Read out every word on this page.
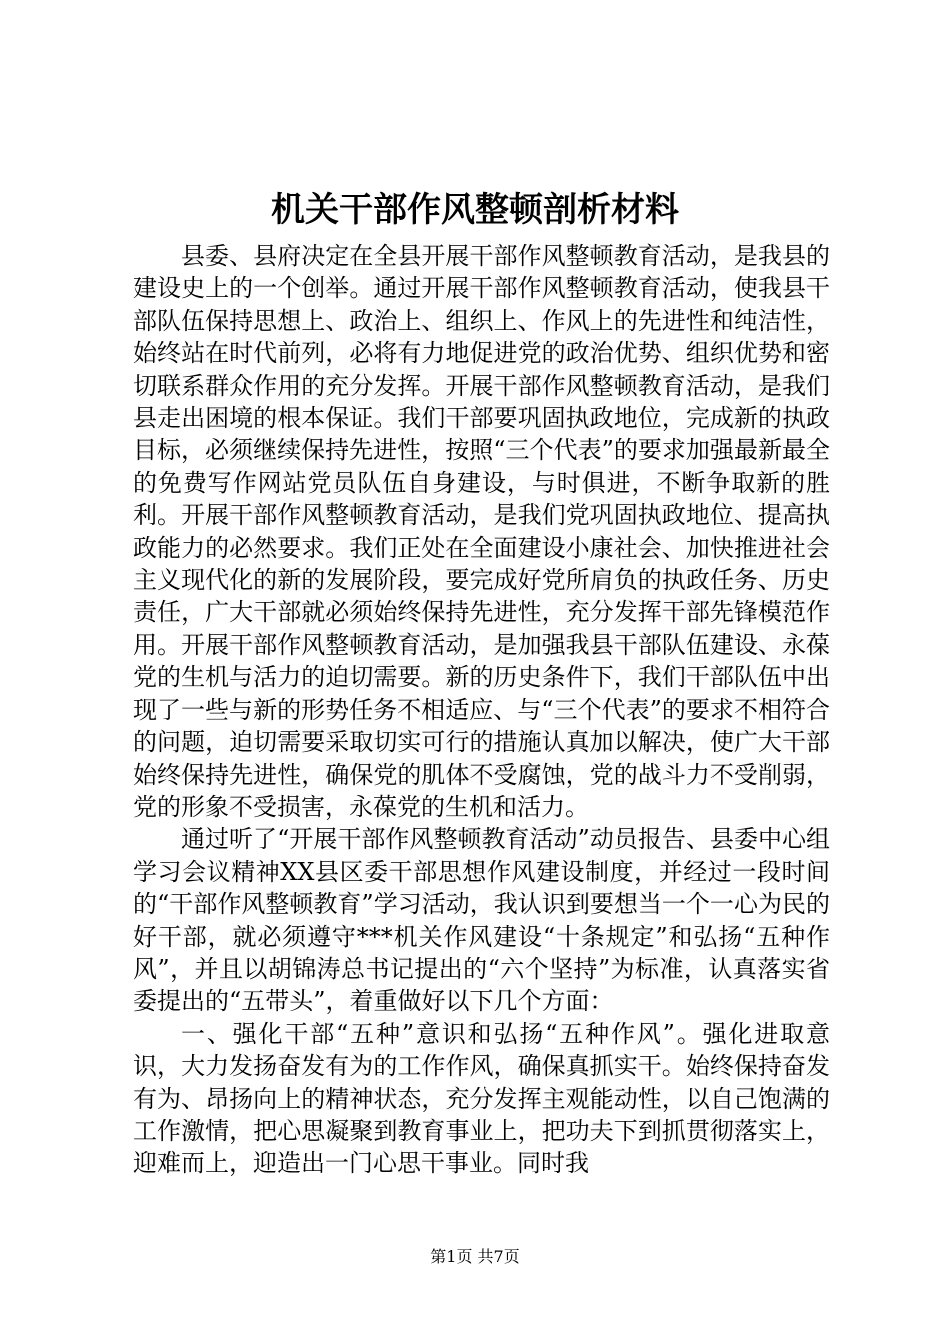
机关干部作风整顿剖析材料

县委、县府决定在全县开展干部作风整顿教育活动，是我县的建设史上的一个创举。通过开展干部作风整顿教育活动，使我县干部队伍保持思想上、政治上、组织上、作风上的先进性和纯洁性，始终站在时代前列，必将有力地促进党的政治优势、组织优势和密切联系群众作用的充分发挥。开展干部作风整顿教育活动，是我们县走出困境的根本保证。我们干部要巩固执政地位，完成新的执政目标，必须继续保持先进性，按照“三个代表”的要求加强最新最全的免费写作网站党员队伍自身建设，与时俱进，不断争取新的胜利。开展干部作风整顿教育活动，是我们党巩固执政地位、提高执政能力的必然要求。我们正处在全面建设小康社会、加快推进社会主义现代化的新的发展阶段，要完成好党所肩负的执政任务、历史责任，广大干部就必须始终保持先进性，充分发挥干部先锋模范作用。开展干部作风整顿教育活动，是加强我县干部队伍建设、永葆党的生机与活力的迫切需要。新的历史条件下，我们干部队伍中出现了一些与新的形势任务不相适应、与“三个代表”的要求不相符合的问题，迫切需要采取切实可行的措施认真加以解决，使广大干部始终保持先进性，确保党的肌体不受腐蚀，党的战斗力不受削弱，党的形象不受损害，永葆党的生机和活力。

通过听了“开展干部作风整顿教育活动”动员报告、县委中心组学习会议精神XX县区委干部思想作风建设制度，并经过一段时间的“干部作风整顿教育”学习活动，我认识到要想当一个一心为民的好干部，就必须遵守***机关作风建设“十条规定”和弘扬“五种作风”，并且以胡锦涛总书记提出的“六个坚持”为标准，认真落实省委提出的“五带头”，着重做好以下几个方面：

一、强化干部“五种”意识和弘扬“五种作风”。强化进取意识，大力发扬奋发有为的工作作风，确保真抓实干。始终保持奋发有为、昂扬向上的精神状态，充分发挥主观能动性，以自己饱满的工作激情，把心思凝聚到教育事业上，把功夫下到抓贯彻落实上，迎难而上，迎造出一门心思干事业。同时我

第1页 共7页
